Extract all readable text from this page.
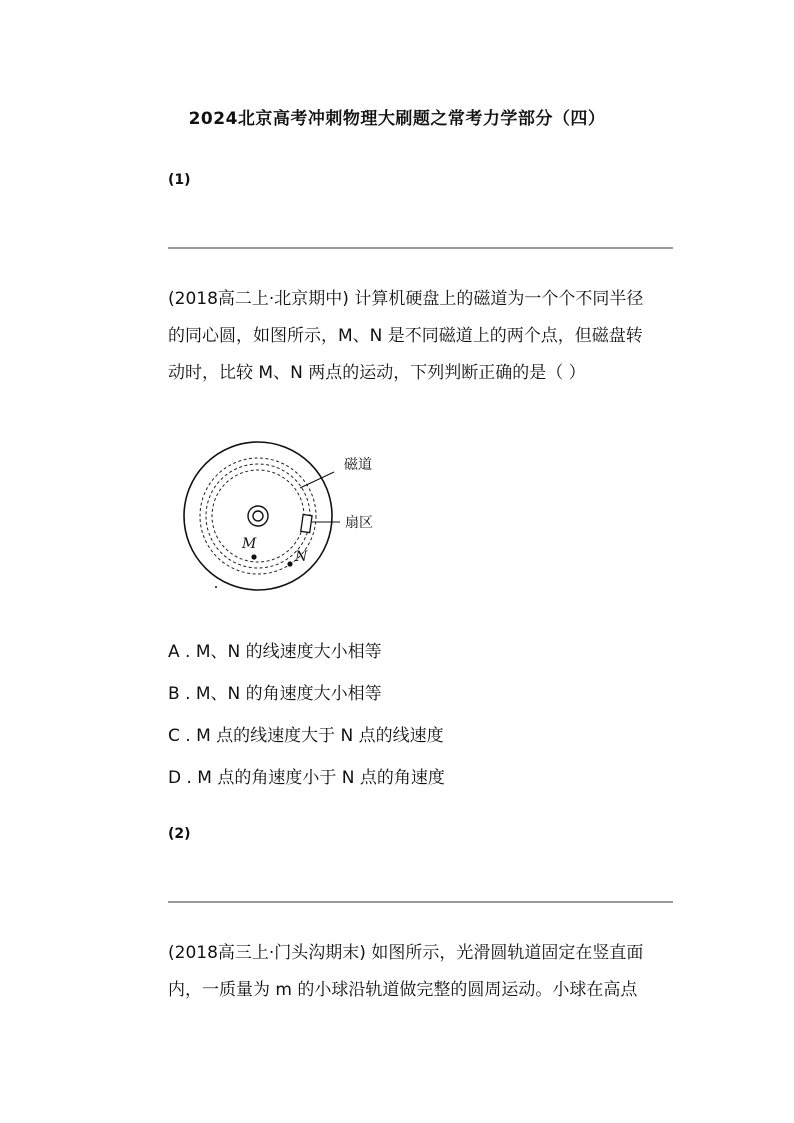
2024北京高考冲刺物理大刷题之常考力学部分（四）
(1)
(2018高二上·北京期中) 计算机硬盘上的磁道为一个个不同半径
的同心圆，如图所示，M、N 是不同磁道上的两个点，但磁盘转
动时，比较 M、N 两点的运动，下列判断正确的是（ ）
磁道
扇区
M
N
A . M、N 的线速度大小相等
B . M、N 的角速度大小相等
C . M 点的线速度大于 N 点的线速度
D . M 点的角速度小于 N 点的角速度
(2)
(2018高三上·门头沟期末) 如图所示，光滑圆轨道固定在竖直面
内，一质量为 m 的小球沿轨道做完整的圆周运动。小球在高点
